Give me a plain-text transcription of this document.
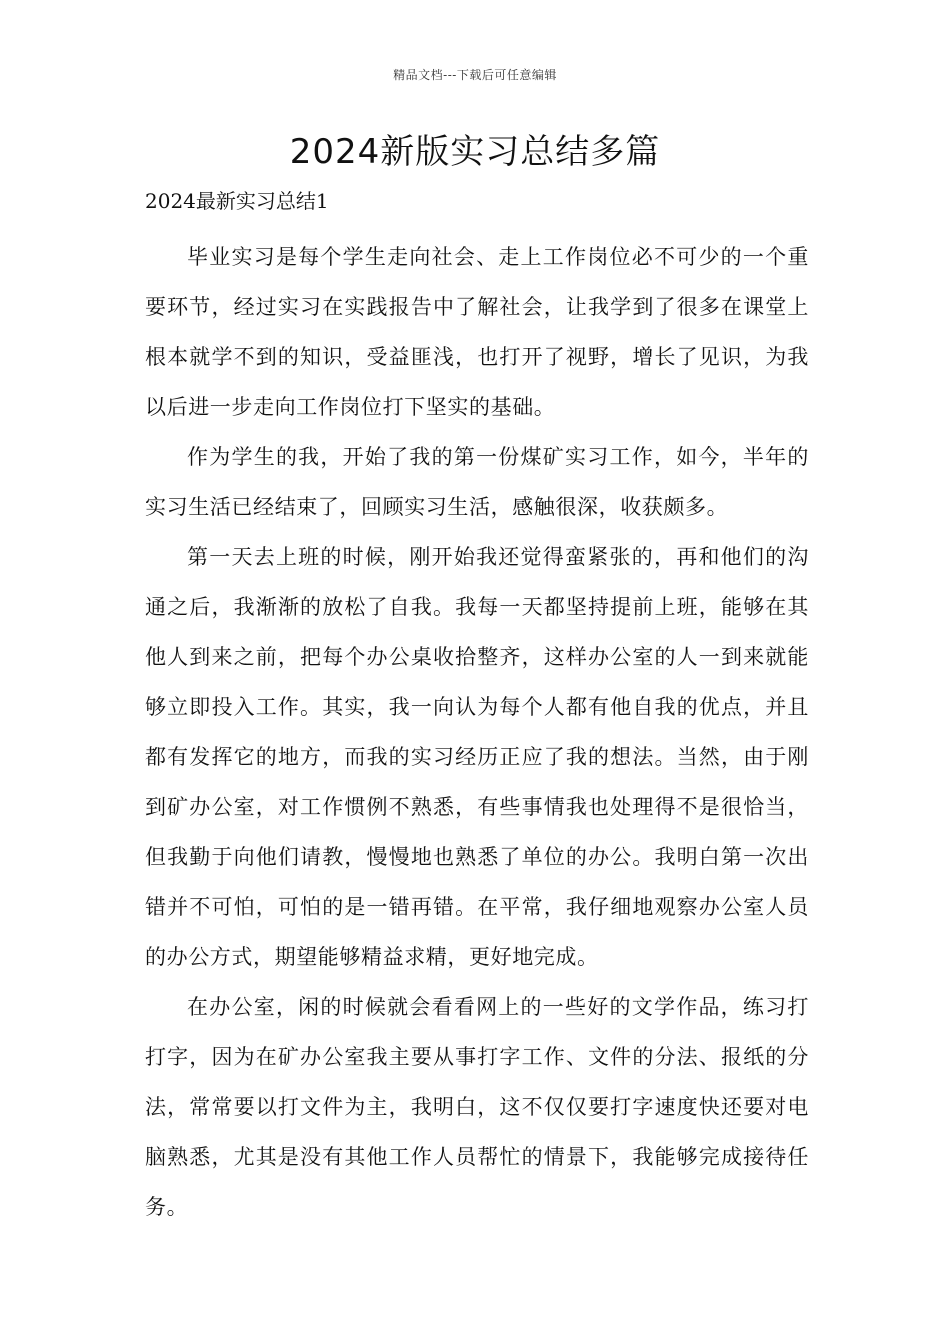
精品文档---下载后可任意编辑
2024新版实习总结多篇
2024最新实习总结1

毕业实习是每个学生走向社会、走上工作岗位必不可少的一个重要环节，经过实习在实践报告中了解社会，让我学到了很多在课堂上根本就学不到的知识，受益匪浅，也打开了视野，增长了见识，为我以后进一步走向工作岗位打下坚实的基础。

作为学生的我，开始了我的第一份煤矿实习工作，如今，半年的实习生活已经结束了，回顾实习生活，感触很深，收获颇多。

第一天去上班的时候，刚开始我还觉得蛮紧张的，再和他们的沟通之后，我渐渐的放松了自我。我每一天都坚持提前上班，能够在其他人到来之前，把每个办公桌收拾整齐，这样办公室的人一到来就能够立即投入工作。其实，我一向认为每个人都有他自我的优点，并且都有发挥它的地方，而我的实习经历正应了我的想法。当然，由于刚到矿办公室，对工作惯例不熟悉，有些事情我也处理得不是很恰当，但我勤于向他们请教，慢慢地也熟悉了单位的办公。我明白第一次出错并不可怕，可怕的是一错再错。在平常，我仔细地观察办公室人员的办公方式，期望能够精益求精，更好地完成。

在办公室，闲的时候就会看看网上的一些好的文学作品，练习打打字，因为在矿办公室我主要从事打字工作、文件的分法、报纸的分法，常常要以打文件为主，我明白，这不仅仅要打字速度快还要对电脑熟悉，尤其是没有其他工作人员帮忙的情景下，我能够完成接待任务。
